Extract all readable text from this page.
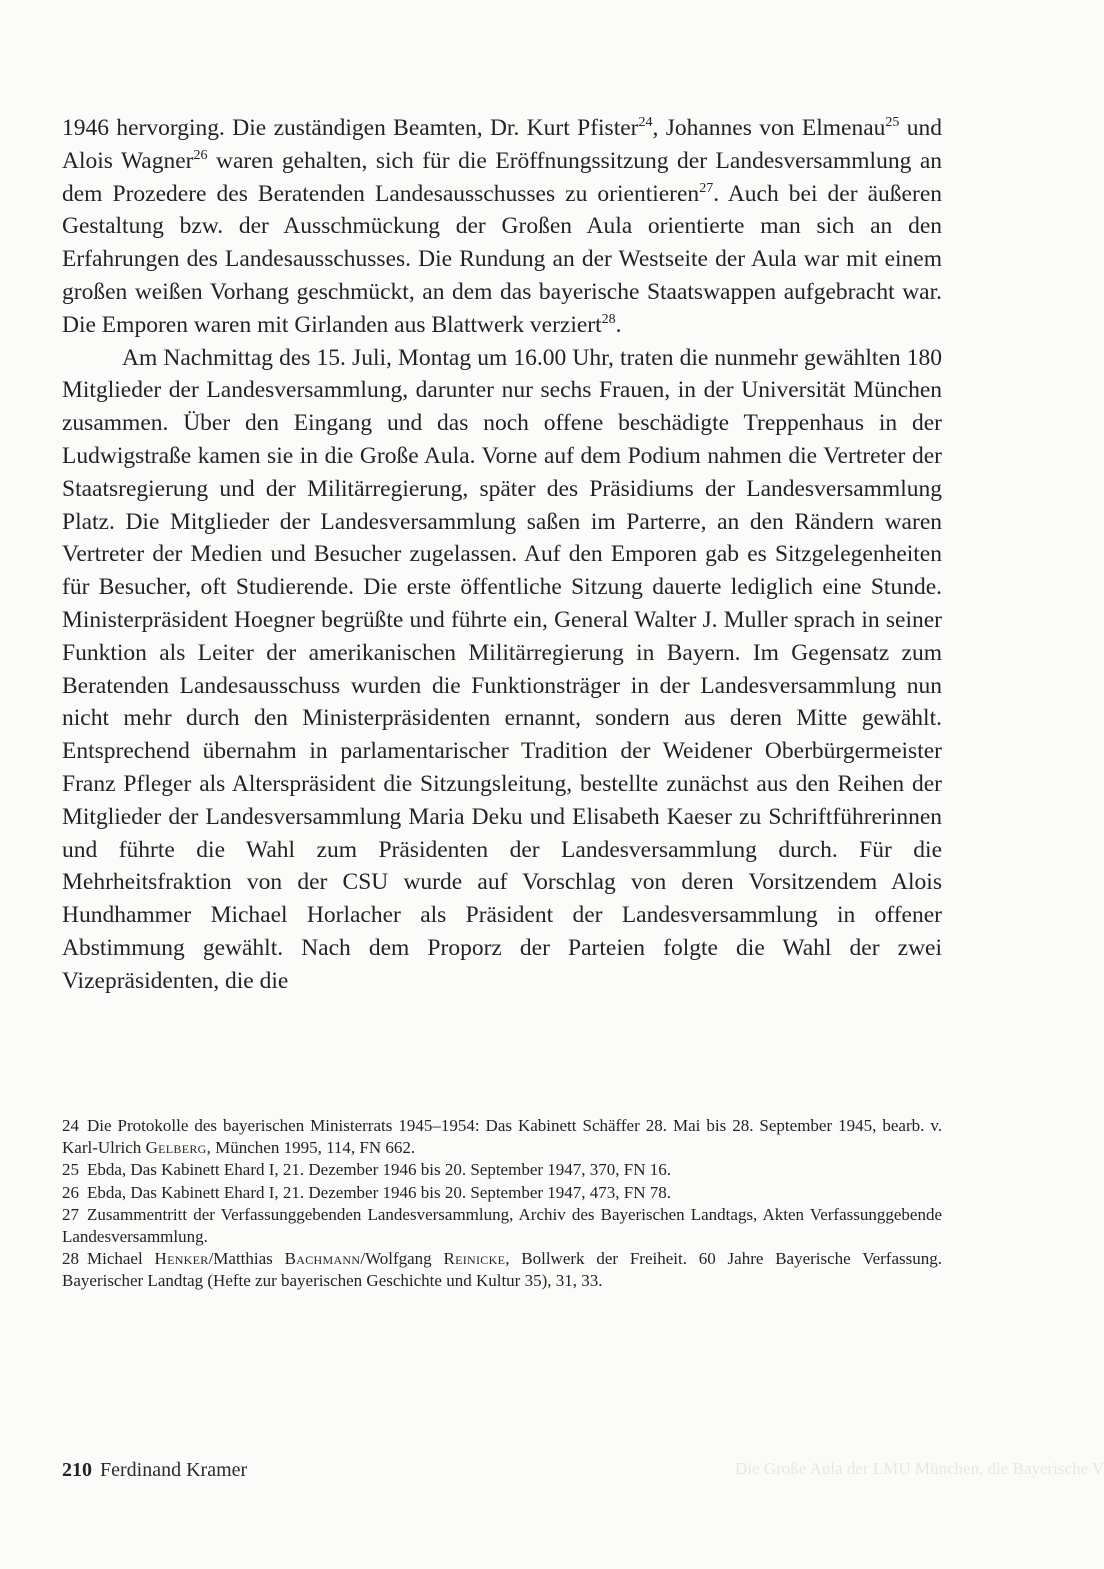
1946 hervorging. Die zuständigen Beamten, Dr. Kurt Pfister$^{24}$, Johannes von Elmenau$^{25}$ und Alois Wagner$^{26}$ waren gehalten, sich für die Eröffnungssitzung der Landesversammlung an dem Prozedere des Beratenden Landesausschusses zu orientieren$^{27}$. Auch bei der äußeren Gestaltung bzw. der Ausschmückung der Großen Aula orientierte man sich an den Erfahrungen des Landesausschusses. Die Rundung an der Westseite der Aula war mit einem großen weißen Vorhang geschmückt, an dem das bayerische Staatswappen aufgebracht war. Die Emporen waren mit Girlanden aus Blattwerk verziert$^{28}$.

Am Nachmittag des 15. Juli, Montag um 16.00 Uhr, traten die nunmehr gewählten 180 Mitglieder der Landesversammlung, darunter nur sechs Frauen, in der Universität München zusammen. Über den Eingang und das noch offene beschädigte Treppenhaus in der Ludwigstraße kamen sie in die Große Aula. Vorne auf dem Podium nahmen die Vertreter der Staatsregierung und der Militärregierung, später des Präsidiums der Landesversammlung Platz. Die Mitglieder der Landesversammlung saßen im Parterre, an den Rändern waren Vertreter der Medien und Besucher zugelassen. Auf den Emporen gab es Sitzgelegenheiten für Besucher, oft Studierende. Die erste öffentliche Sitzung dauerte lediglich eine Stunde. Ministerpräsident Hoegner begrüßte und führte ein, General Walter J. Muller sprach in seiner Funktion als Leiter der amerikanischen Militärregierung in Bayern. Im Gegensatz zum Beratenden Landesausschuss wurden die Funktionsträger in der Landesversammlung nun nicht mehr durch den Ministerpräsidenten ernannt, sondern aus deren Mitte gewählt. Entsprechend übernahm in parlamentarischer Tradition der Weidener Oberbürgermeister Franz Pfleger als Alterspräsident die Sitzungsleitung, bestellte zunächst aus den Reihen der Mitglieder der Landesversammlung Maria Deku und Elisabeth Kaeser zu Schriftführerinnen und führte die Wahl zum Präsidenten der Landesversammlung durch. Für die Mehrheitsfraktion von der CSU wurde auf Vorschlag von deren Vorsitzendem Alois Hundhammer Michael Horlacher als Präsident der Landesversammlung in offener Abstimmung gewählt. Nach dem Proporz der Parteien folgte die Wahl der zwei Vizepräsidenten, die die

24 Die Protokolle des bayerischen Ministerrats 1945–1954: Das Kabinett Schäffer 28. Mai bis 28. September 1945, bearb. v. Karl-Ulrich Gelberg, München 1995, 114, FN 662.

25 Ebda, Das Kabinett Ehard I, 21. Dezember 1946 bis 20. September 1947, 370, FN 16.

26 Ebda, Das Kabinett Ehard I, 21. Dezember 1946 bis 20. September 1947, 473, FN 78.

27 Zusammentritt der Verfassunggebenden Landesversammlung, Archiv des Bayerischen Landtags, Akten Verfassunggebende Landesversammlung.

28 Michael Henker/Matthias Bachmann/Wolfgang Reinicke, Bollwerk der Freiheit. 60 Jahre Bayerische Verfassung. Bayerischer Landtag (Hefte zur bayerischen Geschichte und Kultur 35), 31, 33.

210 Ferdinand Kramer	Die Große Aula der LMU München, die Bayerische V
